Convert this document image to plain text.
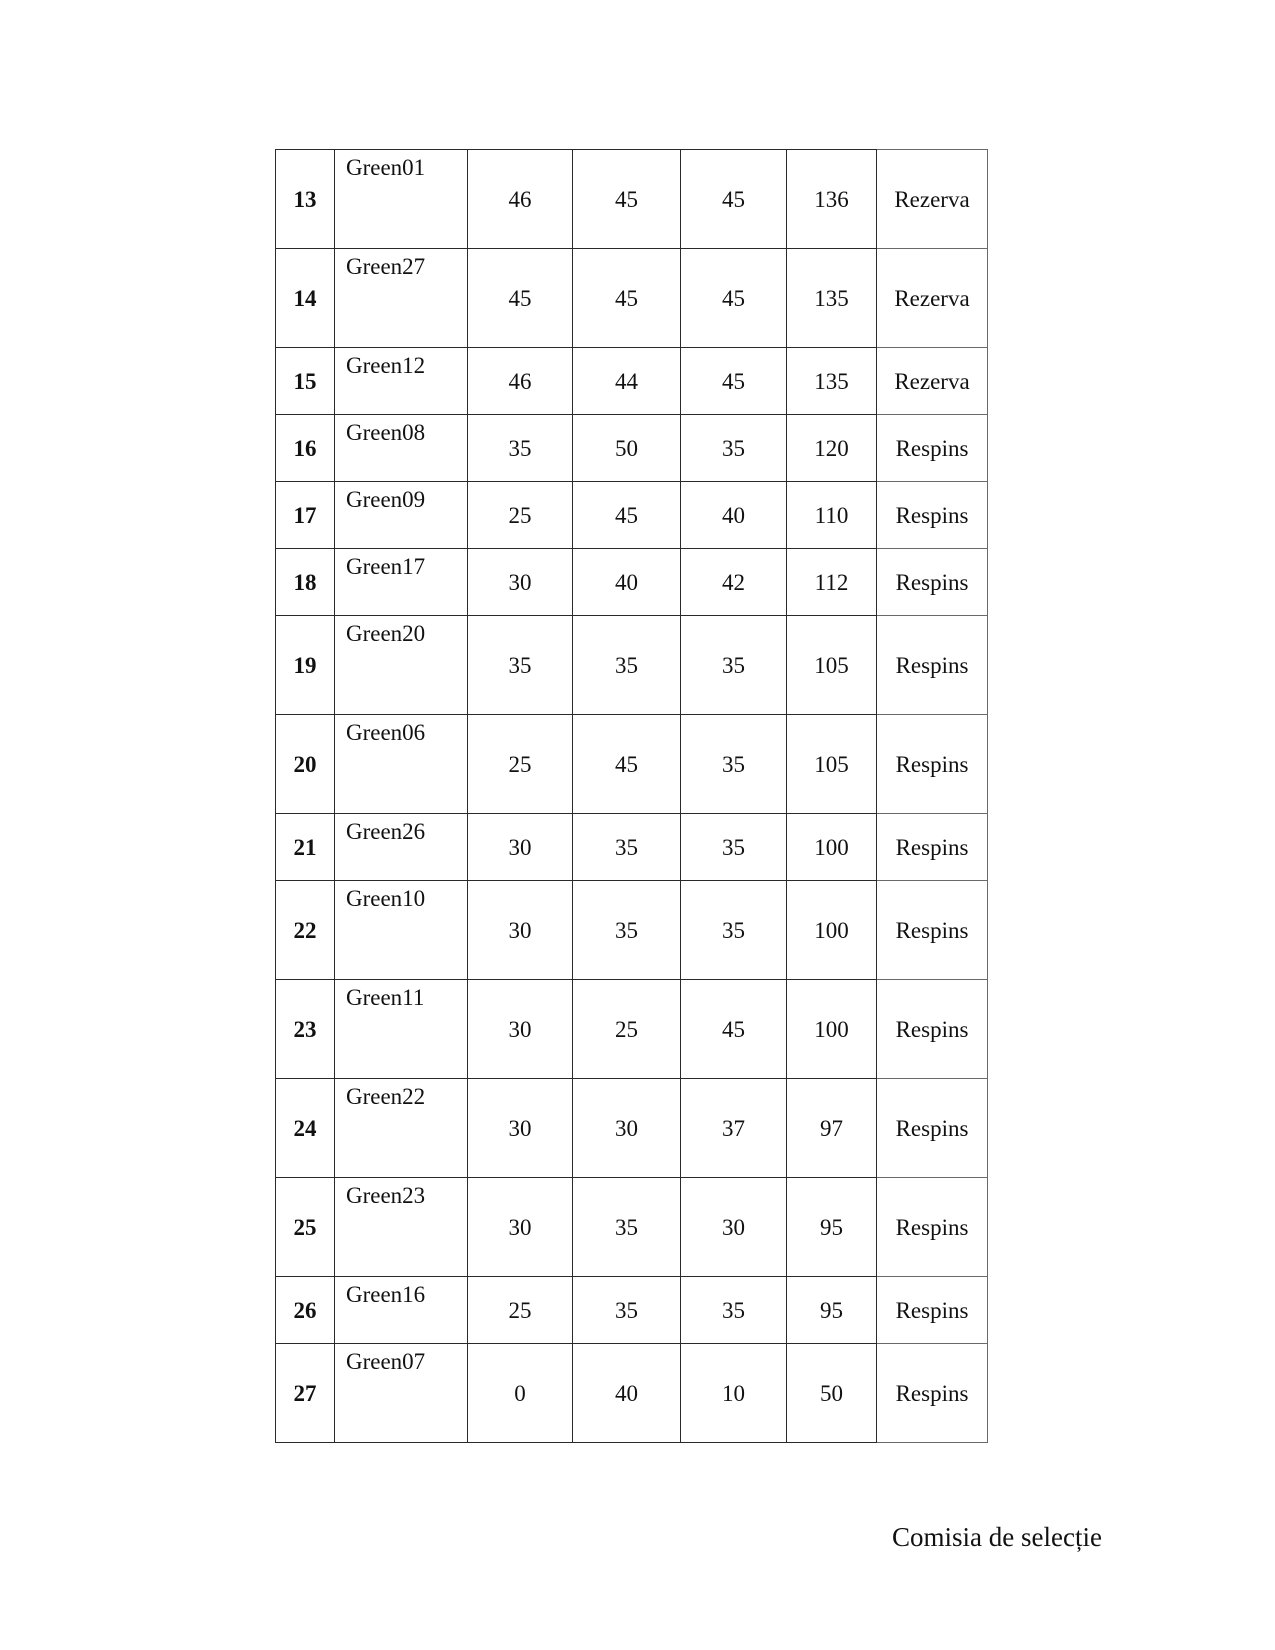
13	Green01	46	45	45	136	Rezerva
14	Green27	45	45	45	135	Rezerva
15	Green12	46	44	45	135	Rezerva
16	Green08	35	50	35	120	Respins
17	Green09	25	45	40	110	Respins
18	Green17	30	40	42	112	Respins
19	Green20	35	35	35	105	Respins
20	Green06	25	45	35	105	Respins
21	Green26	30	35	35	100	Respins
22	Green10	30	35	35	100	Respins
23	Green11	30	25	45	100	Respins
24	Green22	30	30	37	97	Respins
25	Green23	30	35	30	95	Respins
26	Green16	25	35	35	95	Respins
27	Green07	0	40	10	50	Respins
Comisia de selecție
